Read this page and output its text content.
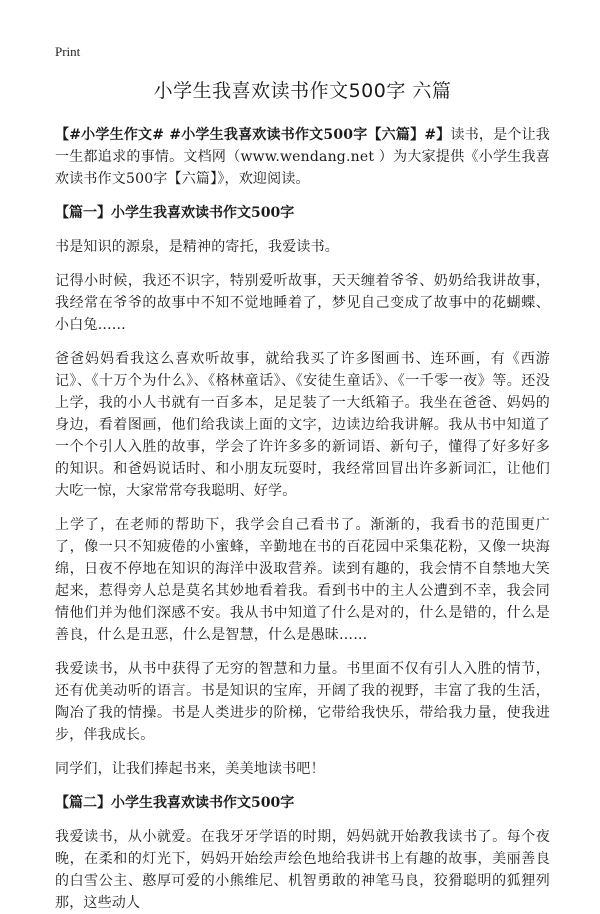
Print
小学生我喜欢读书作文500字 六篇

【#小学生作文# #小学生我喜欢读书作文500字【六篇】#】读书，是个让我一生都追求的事情。文档网（www.wendang.net ）为大家提供《小学生我喜欢读书作文500字【六篇】》，欢迎阅读。

【篇一】小学生我喜欢读书作文500字

书是知识的源泉，是精神的寄托，我爱读书。

记得小时候，我还不识字，特别爱听故事，天天缠着爷爷、奶奶给我讲故事，我经常在爷爷的故事中不知不觉地睡着了，梦见自己变成了故事中的花蝴蝶、小白兔……

爸爸妈妈看我这么喜欢听故事，就给我买了许多图画书、连环画，有《西游记》、《十万个为什么》、《格林童话》、《安徒生童话》、《一千零一夜》等。还没上学，我的小人书就有一百多本，足足装了一大纸箱子。我坐在爸爸、妈妈的身边，看着图画，他们给我读上面的文字，边读边给我讲解。我从书中知道了一个个引人入胜的故事，学会了许许多多的新词语、新句子，懂得了好多好多的知识。和爸妈说话时、和小朋友玩耍时，我经常回冒出许多新词汇，让他们大吃一惊，大家常常夸我聪明、好学。

上学了，在老师的帮助下，我学会自己看书了。渐渐的，我看书的范围更广了，像一只不知疲倦的小蜜蜂，辛勤地在书的百花园中采集花粉，又像一块海绵，日夜不停地在知识的海洋中汲取营养。读到有趣的，我会情不自禁地大笑起来，惹得旁人总是莫名其妙地看着我。看到书中的主人公遭到不幸，我会同情他们并为他们深感不安。我从书中知道了什么是对的，什么是错的，什么是善良，什么是丑恶，什么是智慧，什么是愚昧……

我爱读书，从书中获得了无穷的智慧和力量。书里面不仅有引人入胜的情节，还有优美动听的语言。书是知识的宝库，开阔了我的视野，丰富了我的生活，陶冶了我的情操。书是人类进步的阶梯，它带给我快乐，带给我力量，使我进步，伴我成长。

同学们，让我们捧起书来，美美地读书吧！

【篇二】小学生我喜欢读书作文500字

我爱读书，从小就爱。在我牙牙学语的时期，妈妈就开始教我读书了。每个夜晚，在柔和的灯光下，妈妈开始绘声绘色地给我讲书上有趣的故事，美丽善良的白雪公主、憨厚可爱的小熊维尼、机智勇敢的神笔马良，狡猾聪明的狐狸列那，这些动人
